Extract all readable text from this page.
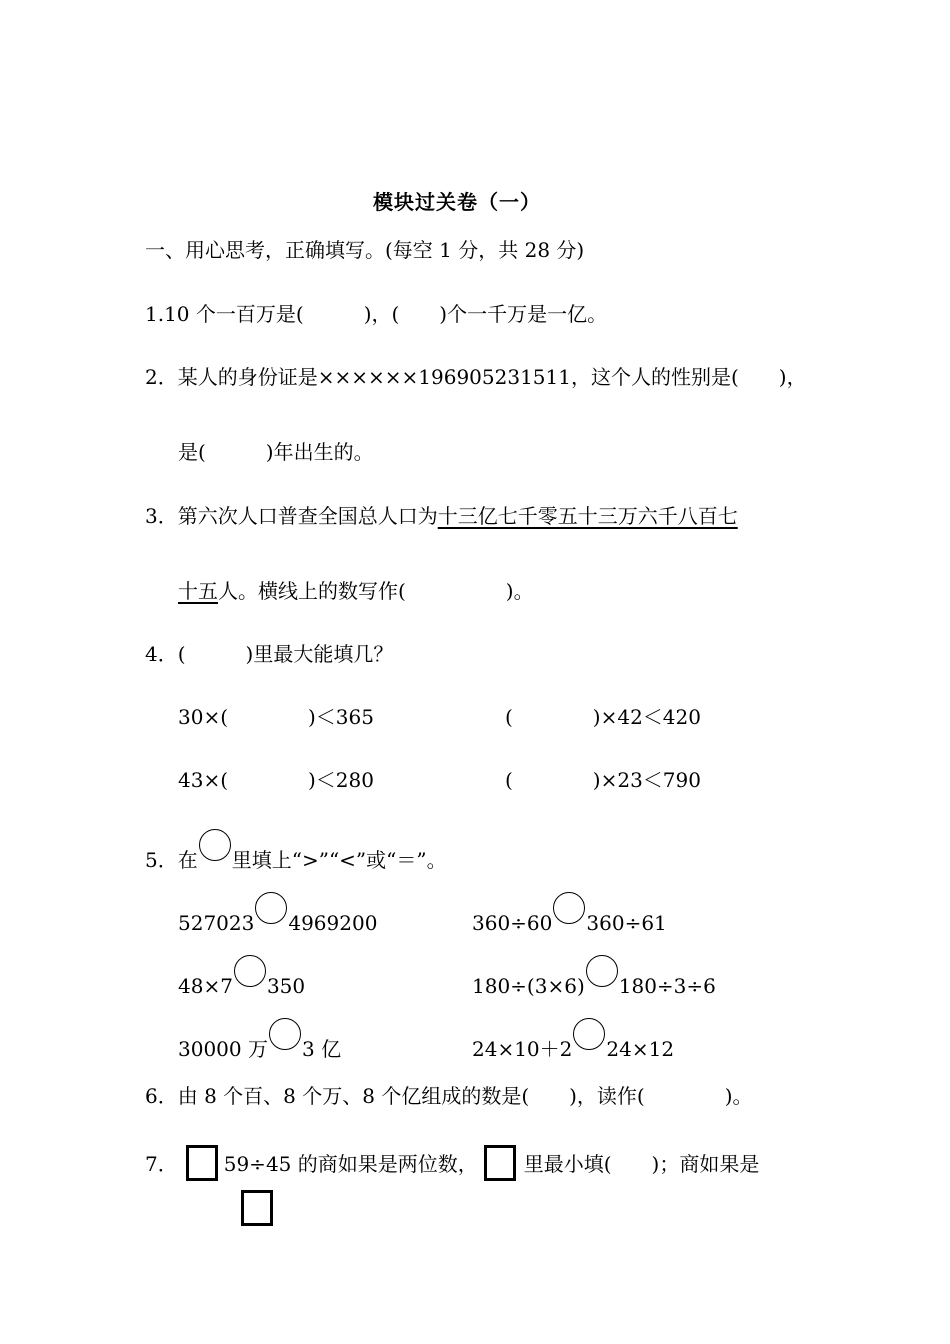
模块过关卷（一）
一、用心思考，正确填写。(每空 1 分，共 28 分)
1.10 个一百万是(　　　)，(　　)个一千万是一亿。
2．某人的身份证是××××××196905231511，这个人的性别是(　　)，
是(　　　)年出生的。
3．第六次人口普查全国总人口为十三亿七千零五十三万六千八百七
十五人。横线上的数写作(　　　　　)。
4．(　　　)里最大能填几？
30×(　　　　)＜365	(　　　　)×42＜420
43×(　　　　)＜280	(　　　　)×23＜790
5．在 里填上“>”“<”或“＝”。
527023 4969200	360÷60 360÷61
48×7 350	180÷(3×6) 180÷3÷6
30000 万 3 亿	24×10＋2 24×12
6．由 8 个百、8 个万、8 个亿组成的数是(　　)，读作(　　　　)。
7． 59÷45 的商如果是两位数， 里最小填(　　)；商如果是
